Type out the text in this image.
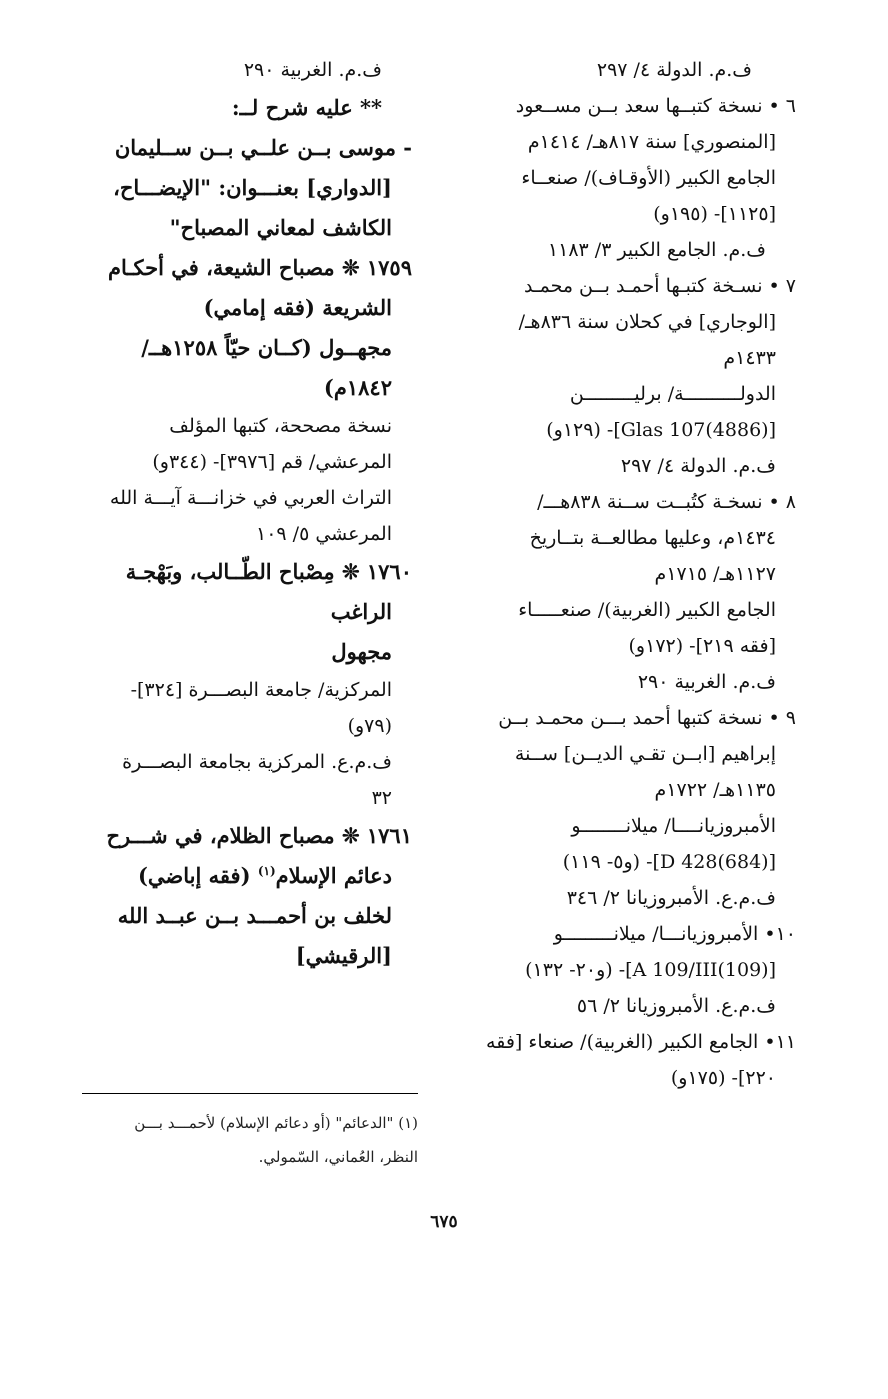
ف.م. الدولة ٤/ ٢٩٧
٦ • نسخة كتبــها سعد بــن مســعود
[المنصوري] سنة ٨١٧هـ/ ١٤١٤م
الجامع الكبير (الأوقـاف)/ صنعــاء
[١١٢٥]- (١٩٥و)
ف.م. الجامع الكبير ٣/ ١١٨٣
٧ • نسـخة كتبـها أحمـد بــن محمـد
[الوجاري] في كحلان سنة ٨٣٦هـ/
١٤٣٣م
الدولــــــــــة/ برليـــــــــن
[Glas 107(4886)]- (١٢٩و)
ف.م. الدولة ٤/ ٢٩٧
٨ • نسخـة كتُبــت ســنة ٨٣٨هـــ/
١٤٣٤م، وعليها مطالعــة بتــاريخ
١١٢٧هـ/ ١٧١٥م
الجامع الكبير (الغربية)/ صنعـــــاء
[فقه ٢١٩]- (١٧٢و)
ف.م. الغربية ٢٩٠
٩ • نسخة كتبها أحمد بـــن محمـد بــن
إبراهيم [ابــن تقـي الديــن] ســنة
١١٣٥هـ/ ١٧٢٢م
الأمبروزيانــــا/ ميلانــــــــو
[D 428(684)]- (و٥- ١١٩)
ف.م.ع. الأمبروزيانا ٢/ ٣٤٦
١٠• الأمبروزيانـــا/ ميلانـــــــــو
[A 109/III(109)]- (و٢٠- ١٣٢)
ف.م.ع. الأمبروزيانا ٢/ ٥٦
١١• الجامع الكبير (الغربية)/ صنعاء [فقه
٢٢٠]- (١٧٥و)
ف.م. الغربية ٢٩٠
** عليه شرح لــ:
- موسى بــن علــي بــن ســليمان
[الدواري] بعنـــوان: "الإيضـــاح،
الكاشف لمعاني المصباح"
١٧٥٩ ❊ مصباح الشيعة، في أحكـام
الشريعة (فقه إمامي)
مجهــول (كــان حيّاً ١٢٥٨هــ/
١٨٤٢م)
نسخة مصححة، كتبها المؤلف
المرعشي/ قم [٣٩٧٦]- (٣٤٤و)
التراث العربي في خزانـــة آيـــة الله
المرعشي ٥/ ١٠٩
١٧٦٠ ❊ مِصْباح الطّــالب، وبَهْجـة
الراغب
مجهول
المركزية/ جامعة البصـــرة [٣٢٤]-
(٧٩و)
ف.م.ع. المركزية بجامعة البصـــرة
٣٢
١٧٦١ ❊ مصباح الظلام، في شـــرح
دعائم الإسلام$^{(١)}$ (فقه إباضي)
لخلف بن أحمـــد بــن عبــد الله
[الرقيشي]
(١) "الدعائم" (أو دعائم الإسلام) لأحمـــد بـــن
النظر، العُماني، السّمولي.
٦٧٥
